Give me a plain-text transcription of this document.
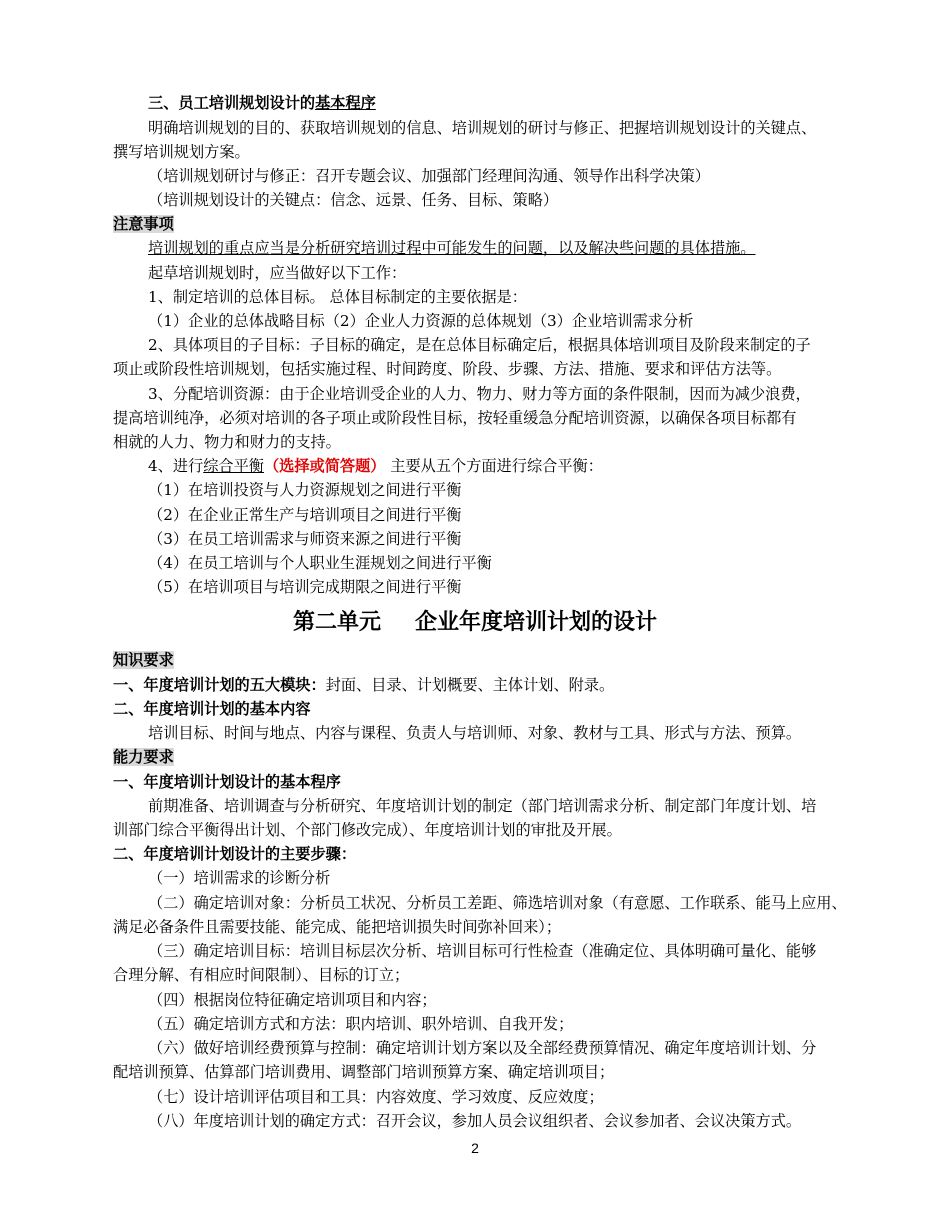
三、员工培训规划设计的基本程序
明确培训规划的目的、获取培训规划的信息、培训规划的研讨与修正、把握培训规划设计的关键点、
撰写培训规划方案。
（培训规划研讨与修正：召开专题会议、加强部门经理间沟通、领导作出科学决策）
（培训规划设计的关键点：信念、远景、任务、目标、策略）
注意事项
培训规划的重点应当是分析研究培训过程中可能发生的问题，以及解决些问题的具体措施。
起草培训规划时，应当做好以下工作：
1、制定培训的总体目标。 总体目标制定的主要依据是：
（1）企业的总体战略目标（2）企业人力资源的总体规划（3）企业培训需求分析
2、具体项目的子目标：子目标的确定，是在总体目标确定后，根据具体培训项目及阶段来制定的子
项止或阶段性培训规划，包括实施过程、时间跨度、阶段、步骤、方法、措施、要求和评估方法等。
3、分配培训资源：由于企业培训受企业的人力、物力、财力等方面的条件限制，因而为减少浪费，
提高培训纯净，必须对培训的各子项止或阶段性目标，按轻重缓急分配培训资源，以确保各项目标都有
相就的人力、物力和财力的支持。
4、进行综合平衡（选择或简答题） 主要从五个方面进行综合平衡：
（1）在培训投资与人力资源规划之间进行平衡
（2）在企业正常生产与培训项目之间进行平衡
（3）在员工培训需求与师资来源之间进行平衡
（4）在员工培训与个人职业生涯规划之间进行平衡
（5）在培训项目与培训完成期限之间进行平衡
第二单元 企业年度培训计划的设计
知识要求
一、年度培训计划的五大模块：封面、目录、计划概要、主体计划、附录。
二、年度培训计划的基本内容
培训目标、时间与地点、内容与课程、负责人与培训师、对象、教材与工具、形式与方法、预算。
能力要求
一、年度培训计划设计的基本程序
前期准备、培训调查与分析研究、年度培训计划的制定（部门培训需求分析、制定部门年度计划、培
训部门综合平衡得出计划、个部门修改完成）、年度培训计划的审批及开展。
二、年度培训计划设计的主要步骤：
（一）培训需求的诊断分析
（二）确定培训对象：分析员工状况、分析员工差距、筛选培训对象（有意愿、工作联系、能马上应用、
满足必备条件且需要技能、能完成、能把培训损失时间弥补回来）；
（三）确定培训目标：培训目标层次分析、培训目标可行性检查（准确定位、具体明确可量化、能够
合理分解、有相应时间限制）、目标的订立；
（四）根据岗位特征确定培训项目和内容；
（五）确定培训方式和方法：职内培训、职外培训、自我开发；
（六）做好培训经费预算与控制：确定培训计划方案以及全部经费预算情况、确定年度培训计划、分
配培训预算、估算部门培训费用、调整部门培训预算方案、确定培训项目；
（七）设计培训评估项目和工具：内容效度、学习效度、反应效度；
（八）年度培训计划的确定方式：召开会议，参加人员会议组织者、会议参加者、会议决策方式。
2
